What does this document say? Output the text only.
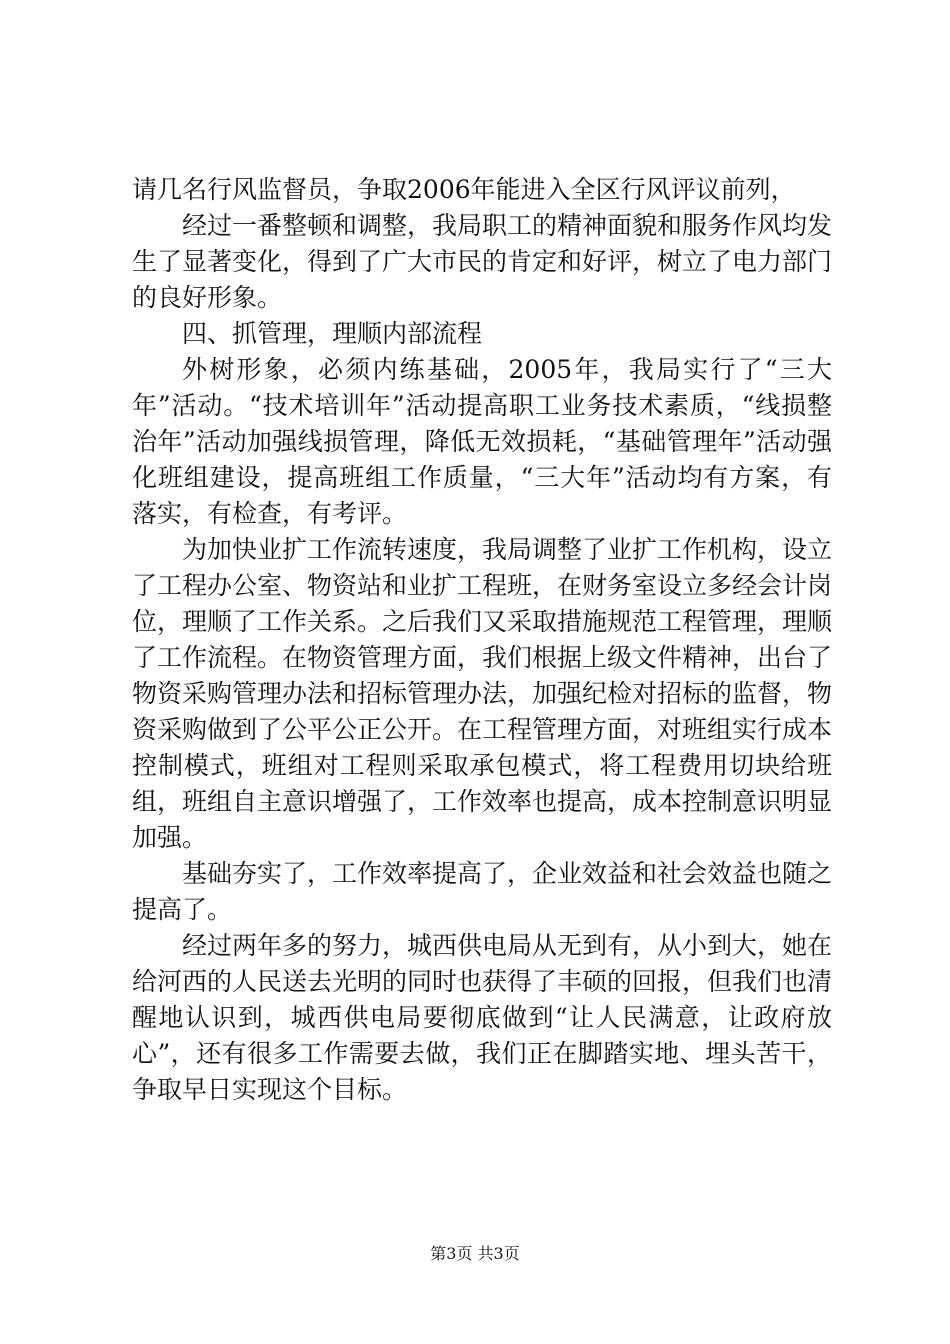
请几名行风监督员，争取2006年能进入全区行风评议前列，

经过一番整顿和调整，我局职工的精神面貌和服务作风均发生了显著变化，得到了广大市民的肯定和好评，树立了电力部门的良好形象。

四、抓管理，理顺内部流程

外树形象，必须内练基础，2005年，我局实行了“三大年”活动。“技术培训年”活动提高职工业务技术素质，“线损整治年”活动加强线损管理，降低无效损耗，“基础管理年”活动强化班组建设，提高班组工作质量，“三大年”活动均有方案，有落实，有检查，有考评。

为加快业扩工作流转速度，我局调整了业扩工作机构，设立了工程办公室、物资站和业扩工程班，在财务室设立多经会计岗位，理顺了工作关系。之后我们又采取措施规范工程管理，理顺了工作流程。在物资管理方面，我们根据上级文件精神，出台了物资采购管理办法和招标管理办法，加强纪检对招标的监督，物资采购做到了公平公正公开。在工程管理方面，对班组实行成本控制模式，班组对工程则采取承包模式，将工程费用切块给班组，班组自主意识增强了，工作效率也提高，成本控制意识明显加强。

基础夯实了，工作效率提高了，企业效益和社会效益也随之提高了。

经过两年多的努力，城西供电局从无到有，从小到大，她在给河西的人民送去光明的同时也获得了丰硕的回报，但我们也清醒地认识到，城西供电局要彻底做到“让人民满意，让政府放心”，还有很多工作需要去做，我们正在脚踏实地、埋头苦干，争取早日实现这个目标。

第3页 共3页
